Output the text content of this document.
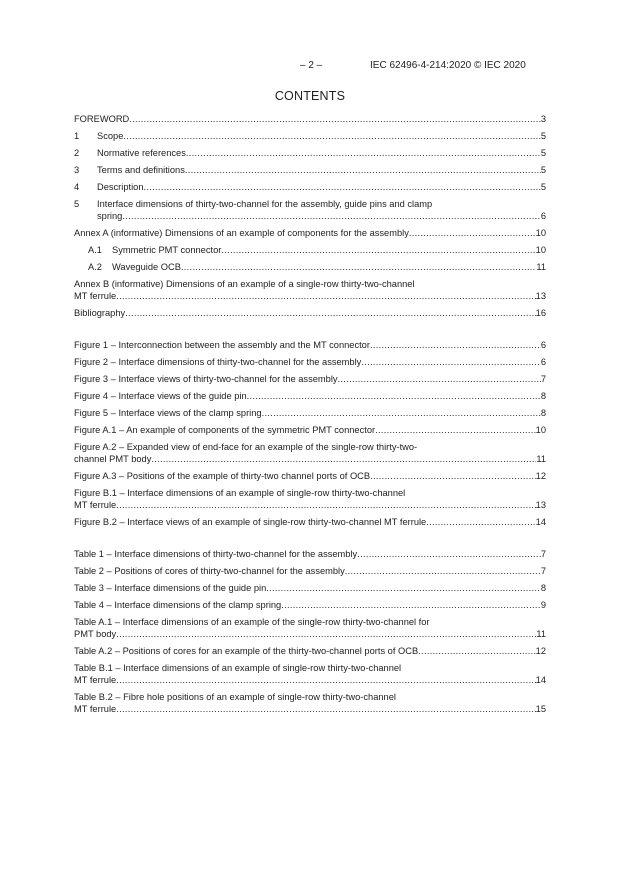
– 2 –	IEC 62496-4-214:2020 © IEC 2020
CONTENTS
FOREWORD .....	3
1	Scope .....	5
2	Normative references .....	5
3	Terms and definitions .....	5
4	Description .....	5
5	Interface dimensions of thirty-two-channel for the assembly, guide pins and clamp
spring .....	6
Annex A (informative) Dimensions of an example of components for the assembly .....	10
A.1	Symmetric PMT connector .....	10
A.2	Waveguide OCB .....	11
Annex B (informative) Dimensions of an example of a single-row thirty-two-channel
MT ferrule .....	13
Bibliography .....	16
Figure 1 – Interconnection between the assembly and the MT connector .....	6
Figure 2 – Interface dimensions of thirty-two-channel for the assembly .....	6
Figure 3 – Interface views of thirty-two-channel for the assembly .....	7
Figure 4 – Interface views of the guide pin .....	8
Figure 5 – Interface views of the clamp spring .....	8
Figure A.1 – An example of components of the symmetric PMT connector .....	10
Figure A.2 – Expanded view of end-face for an example of the single-row thirty-two-
channel PMT body .....	11
Figure A.3 – Positions of the example of thirty-two channel ports of OCB .....	12
Figure B.1 – Interface dimensions of an example of single-row thirty-two-channel
MT ferrule .....	13
Figure B.2 – Interface views of an example of single-row thirty-two-channel MT ferrule .....	14
Table 1 – Interface dimensions of thirty-two-channel for the assembly .....	7
Table 2 – Positions of cores of thirty-two-channel for the assembly .....	7
Table 3 – Interface dimensions of the guide pin .....	8
Table 4 – Interface dimensions of the clamp spring .....	9
Table A.1 – Interface dimensions of an example of the single-row thirty-two-channel for
PMT body .....	11
Table A.2 – Positions of cores for an example of the thirty-two-channel ports of OCB .....	12
Table B.1 – Interface dimensions of an example of single-row thirty-two-channel
MT ferrule .....	14
Table B.2 – Fibre hole positions of an example of single-row thirty-two-channel
MT ferrule .....	15
